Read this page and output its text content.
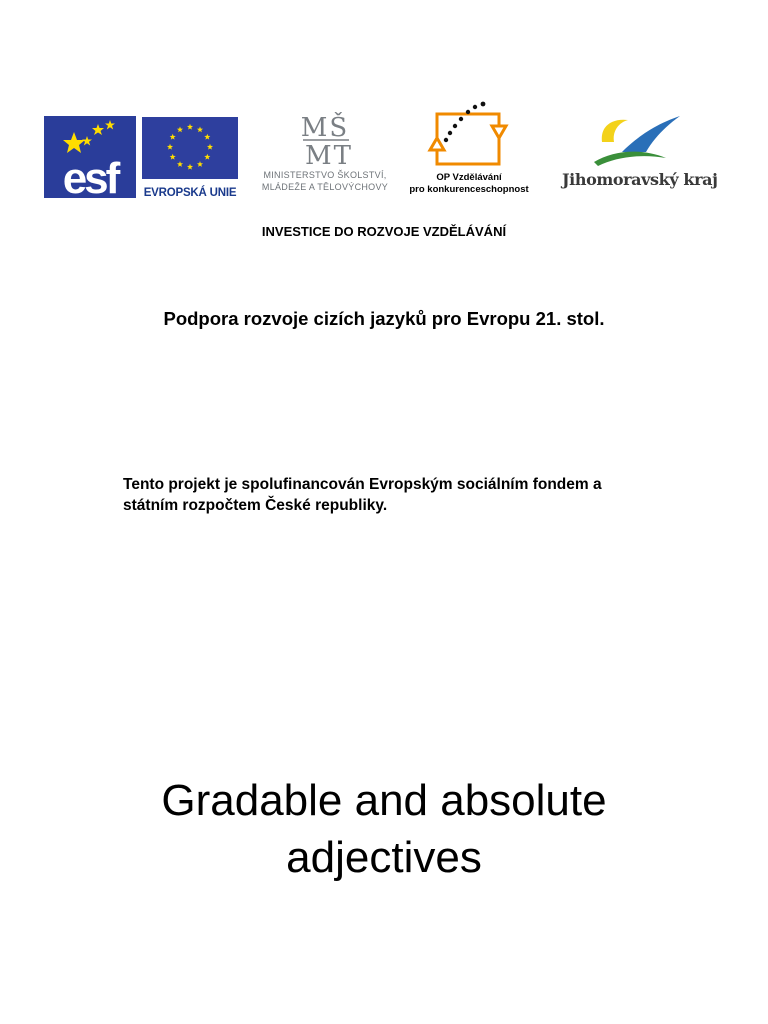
esf EVROPSKÁ UNIE
MŠ
MT
MINISTERSTVO ŠKOLSTVÍ,
MLÁDEŽE A TĚLOVÝCHOVY
OP Vzdělávání
pro konkurenceschopnost
Jihomoravský kraj
INVESTICE DO ROZVOJE VZDĚLÁVÁNÍ
Podpora rozvoje cizích jazyků pro Evropu 21. stol.
Tento projekt je spolufinancován Evropským sociálním fondem a
státním rozpočtem České republiky.
Gradable and absolute
adjectives
